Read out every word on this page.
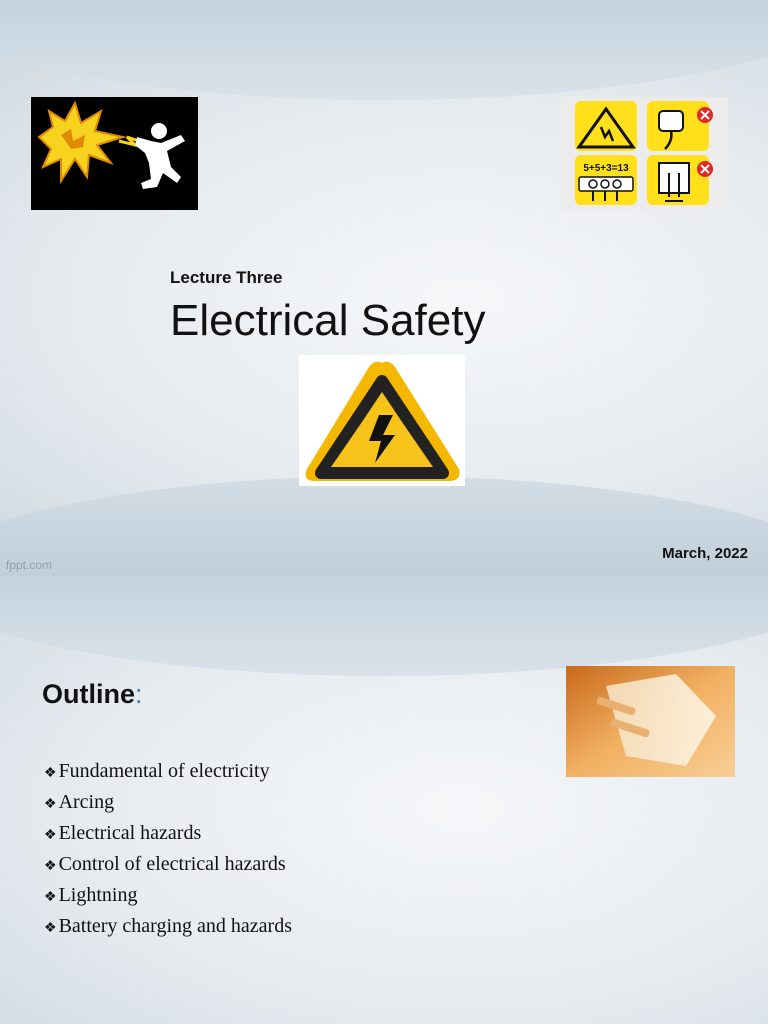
5+5+3=13
Lecture Three
Electrical Safety
March, 2022
fppt.com
Outline:
❖ Fundamental of electricity
❖ Arcing
❖ Electrical hazards
❖ Control of electrical hazards
❖ Lightning
❖ Battery charging and hazards
